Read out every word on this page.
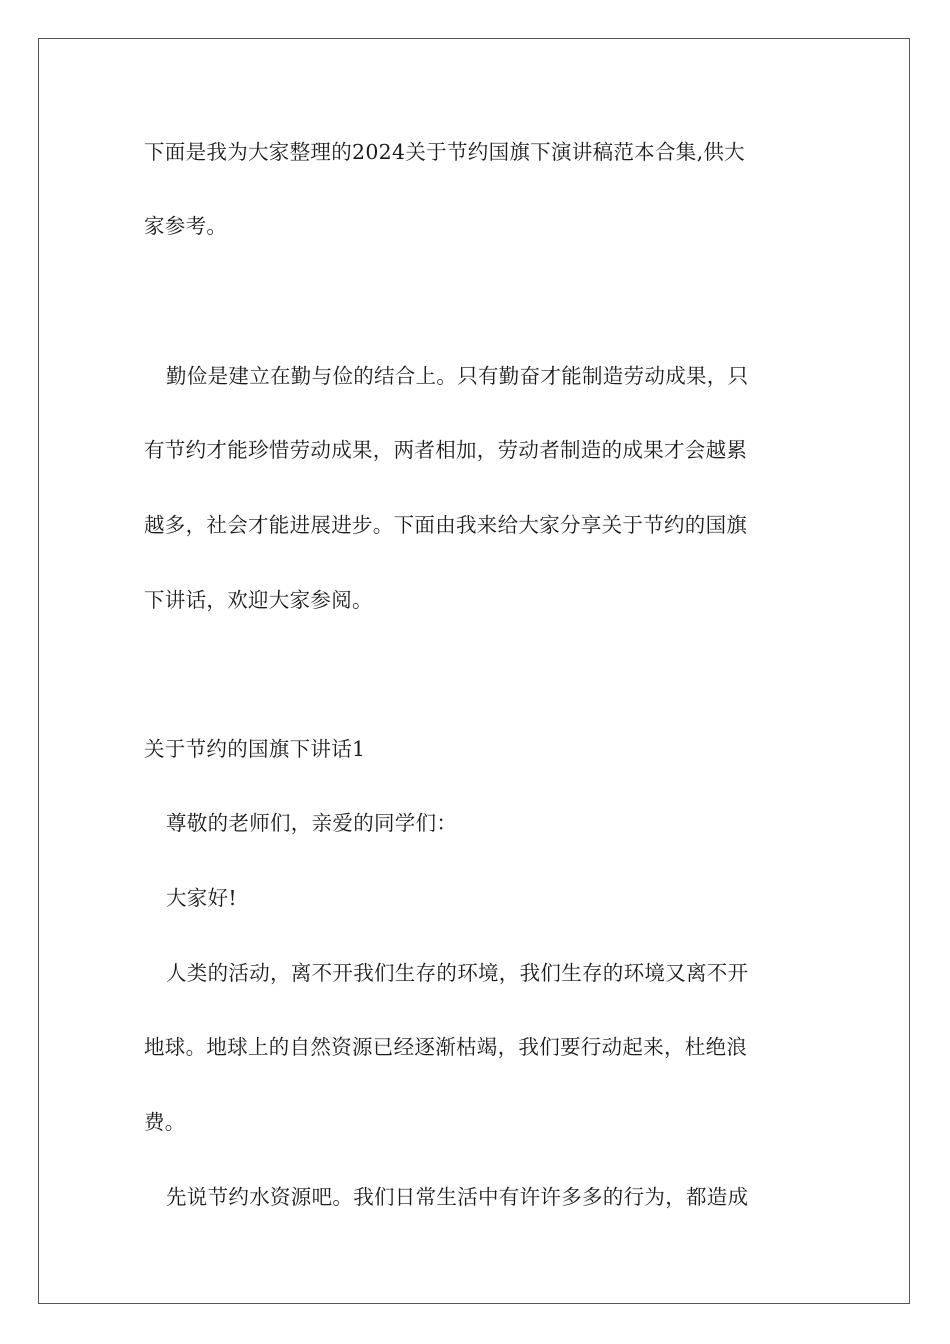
下面是我为大家整理的2024关于节约国旗下演讲稿范本合集,供大
家参考。
勤俭是建立在勤与俭的结合上。只有勤奋才能制造劳动成果，只
有节约才能珍惜劳动成果，两者相加，劳动者制造的成果才会越累
越多，社会才能进展进步。下面由我来给大家分享关于节约的国旗
下讲话，欢迎大家参阅。
关于节约的国旗下讲话1
尊敬的老师们，亲爱的同学们：
大家好!
人类的活动，离不开我们生存的环境，我们生存的环境又离不开
地球。地球上的自然资源已经逐渐枯竭，我们要行动起来，杜绝浪
费。
先说节约水资源吧。我们日常生活中有许许多多的行为，都造成
